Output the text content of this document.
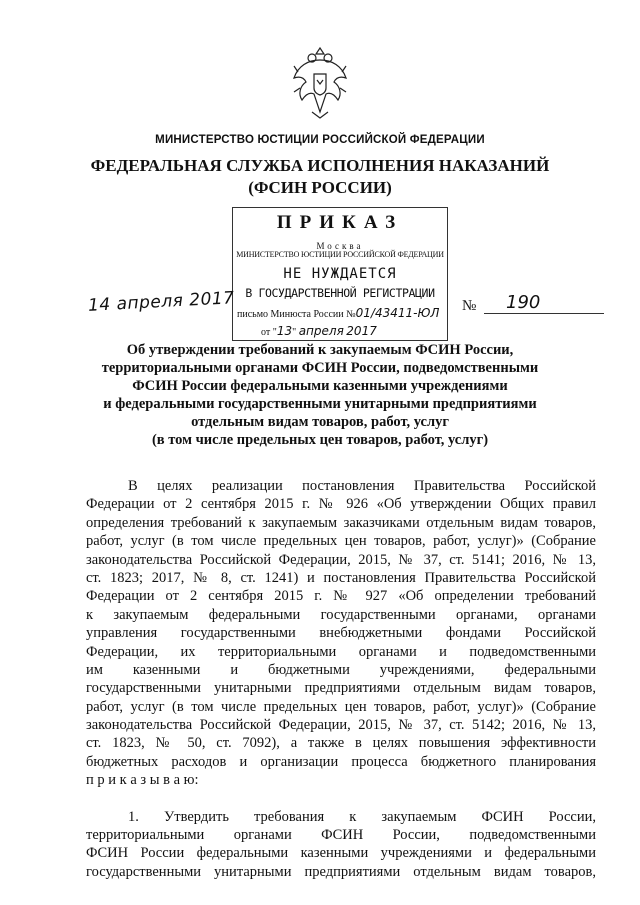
МИНИСТЕРСТВО ЮСТИЦИИ РОССИЙСКОЙ ФЕДЕРАЦИИ
ФЕДЕРАЛЬНАЯ СЛУЖБА ИСПОЛНЕНИЯ НАКАЗАНИЙ
(ФСИН РОССИИ)
ПРИКАЗ
Москва
МИНИСТЕРСТВО ЮСТИЦИИ РОССИЙСКОЙ ФЕДЕРАЦИИ
НЕ НУЖДАЕТСЯ
В ГОСУДАРСТВЕННОЙ РЕГИСТРАЦИИ
письмо Минюста России №01/43411-ЮЛ
от "13" апреля 2017
14 апреля 2017	№	190
Об утверждении требований к закупаемым ФСИН России,
территориальными органами ФСИН России, подведомственными
ФСИН России федеральными казенными учреждениями
и федеральными государственными унитарными предприятиями
отдельным видам товаров, работ, услуг
(в том числе предельных цен товаров, работ, услуг)
В целях реализации постановления Правительства Российской
Федерации от 2 сентября 2015 г. № 926 «Об утверждении Общих правил
определения требований к закупаемым заказчиками отдельным видам товаров,
работ, услуг (в том числе предельных цен товаров, работ, услуг)» (Собрание
законодательства Российской Федерации, 2015, № 37, ст. 5141; 2016, № 13,
ст. 1823; 2017, № 8, ст. 1241) и постановления Правительства Российской
Федерации от 2 сентября 2015 г. № 927 «Об определении требований
к закупаемым федеральными государственными органами, органами
управления государственными внебюджетными фондами Российской
Федерации, их территориальными органами и подведомственными
им казенными и бюджетными учреждениями, федеральными
государственными унитарными предприятиями отдельным видам товаров,
работ, услуг (в том числе предельных цен товаров, работ, услуг)» (Собрание
законодательства Российской Федерации, 2015, № 37, ст. 5142; 2016, № 13,
ст. 1823, № 50, ст. 7092), а также в целях повышения эффективности
бюджетных расходов и организации процесса бюджетного планирования
п р и к а з ы в а ю:
1. Утвердить требования к закупаемым ФСИН России,
территориальными органами ФСИН России, подведомственными
ФСИН России федеральными казенными учреждениями и федеральными
государственными унитарными предприятиями отдельным видам товаров,
